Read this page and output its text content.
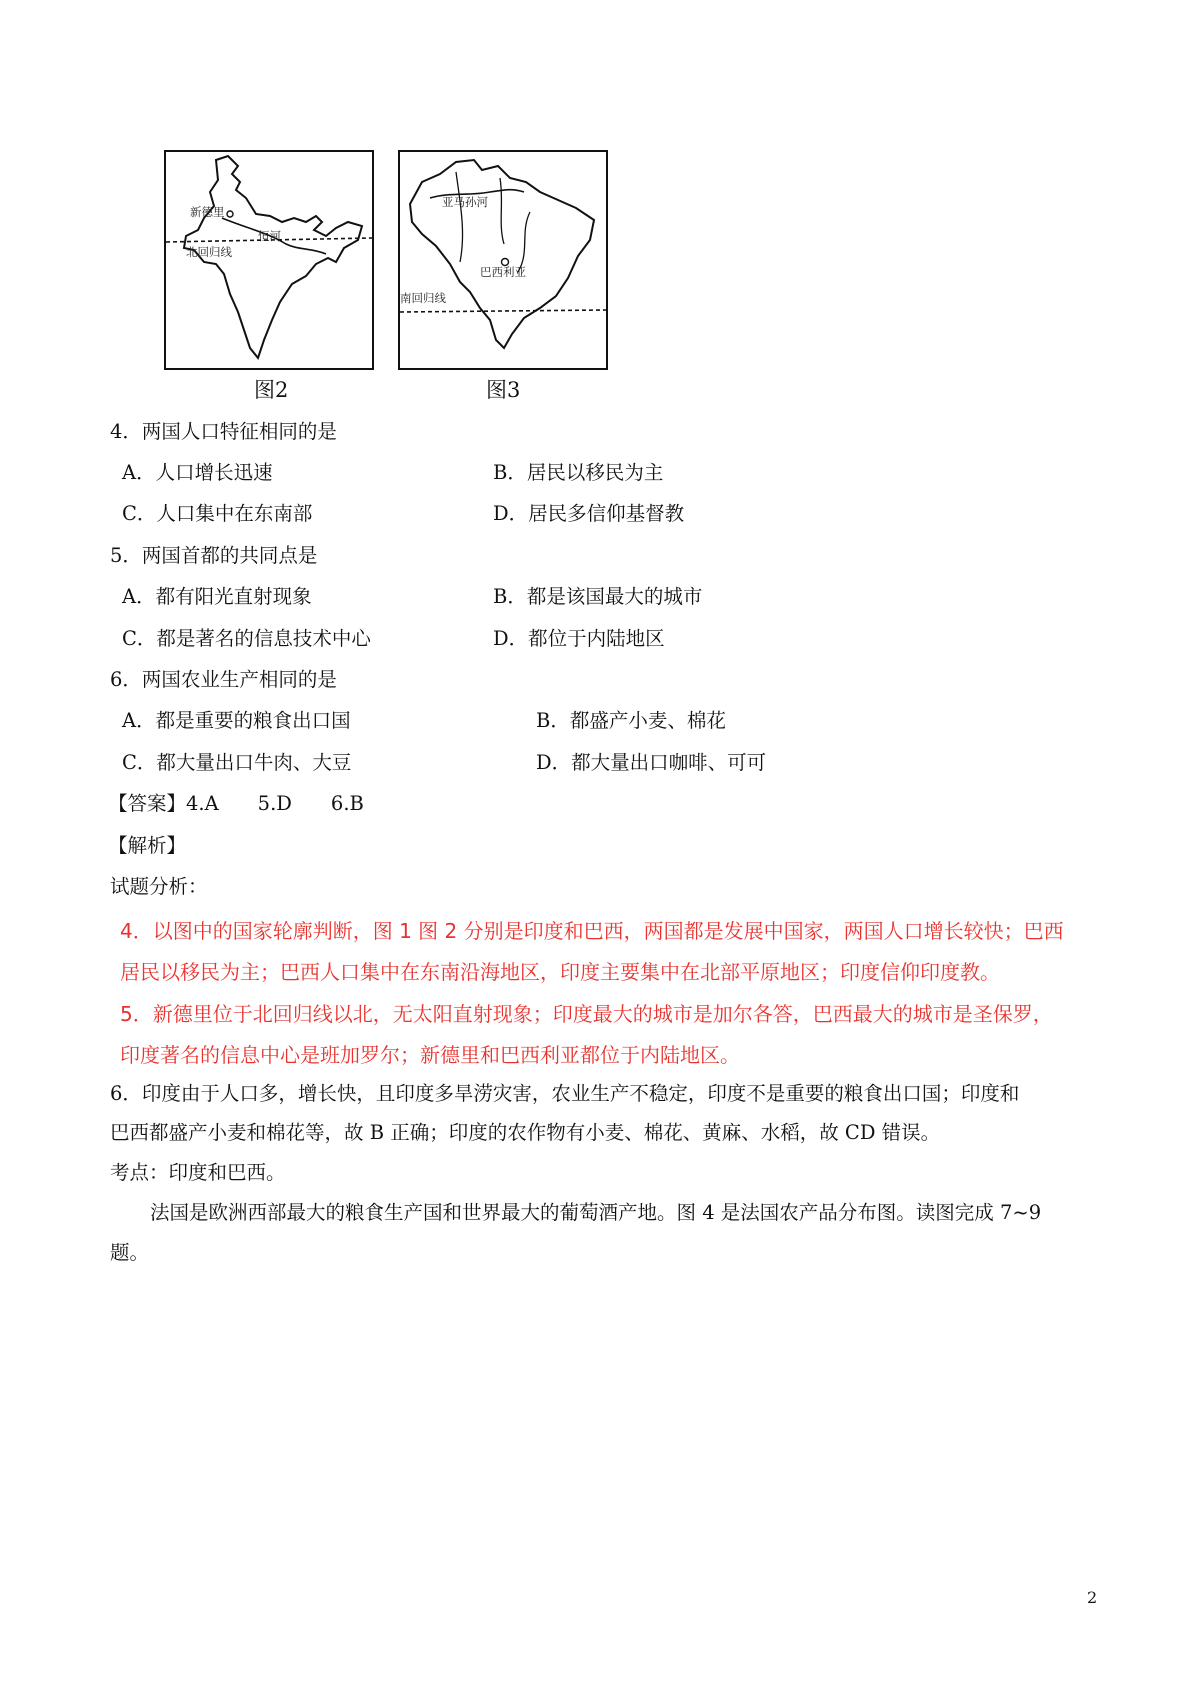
新德里
恒河
北回归线
图2
亚马孙河
巴西利亚
南回归线
图3
4．两国人口特征相同的是
A．人口增长迅速	B．居民以移民为主
C．人口集中在东南部	D．居民多信仰基督教
5．两国首都的共同点是
A．都有阳光直射现象	B．都是该国最大的城市
C．都是著名的信息技术中心	D．都位于内陆地区
6．两国农业生产相同的是
A．都是重要的粮食出口国	B．都盛产小麦、棉花
C．都大量出口牛肉、大豆	D．都大量出口咖啡、可可
【答案】4.A　　5.D　　6.B
【解析】
试题分析：
4．以图中的国家轮廓判断，图 1 图 2 分别是印度和巴西，两国都是发展中国家，两国人口增长较快；巴西
居民以移民为主；巴西人口集中在东南沿海地区，印度主要集中在北部平原地区；印度信仰印度教。
5．新德里位于北回归线以北，无太阳直射现象；印度最大的城市是加尔各答，巴西最大的城市是圣保罗，
印度著名的信息中心是班加罗尔；新德里和巴西利亚都位于内陆地区。
6．印度由于人口多，增长快，且印度多旱涝灾害，农业生产不稳定，印度不是重要的粮食出口国；印度和
巴西都盛产小麦和棉花等，故 B 正确；印度的农作物有小麦、棉花、黄麻、水稻，故 CD 错误。
考点：印度和巴西。
法国是欧洲西部最大的粮食生产国和世界最大的葡萄酒产地。图 4 是法国农产品分布图。读图完成 7~9
题。
2
